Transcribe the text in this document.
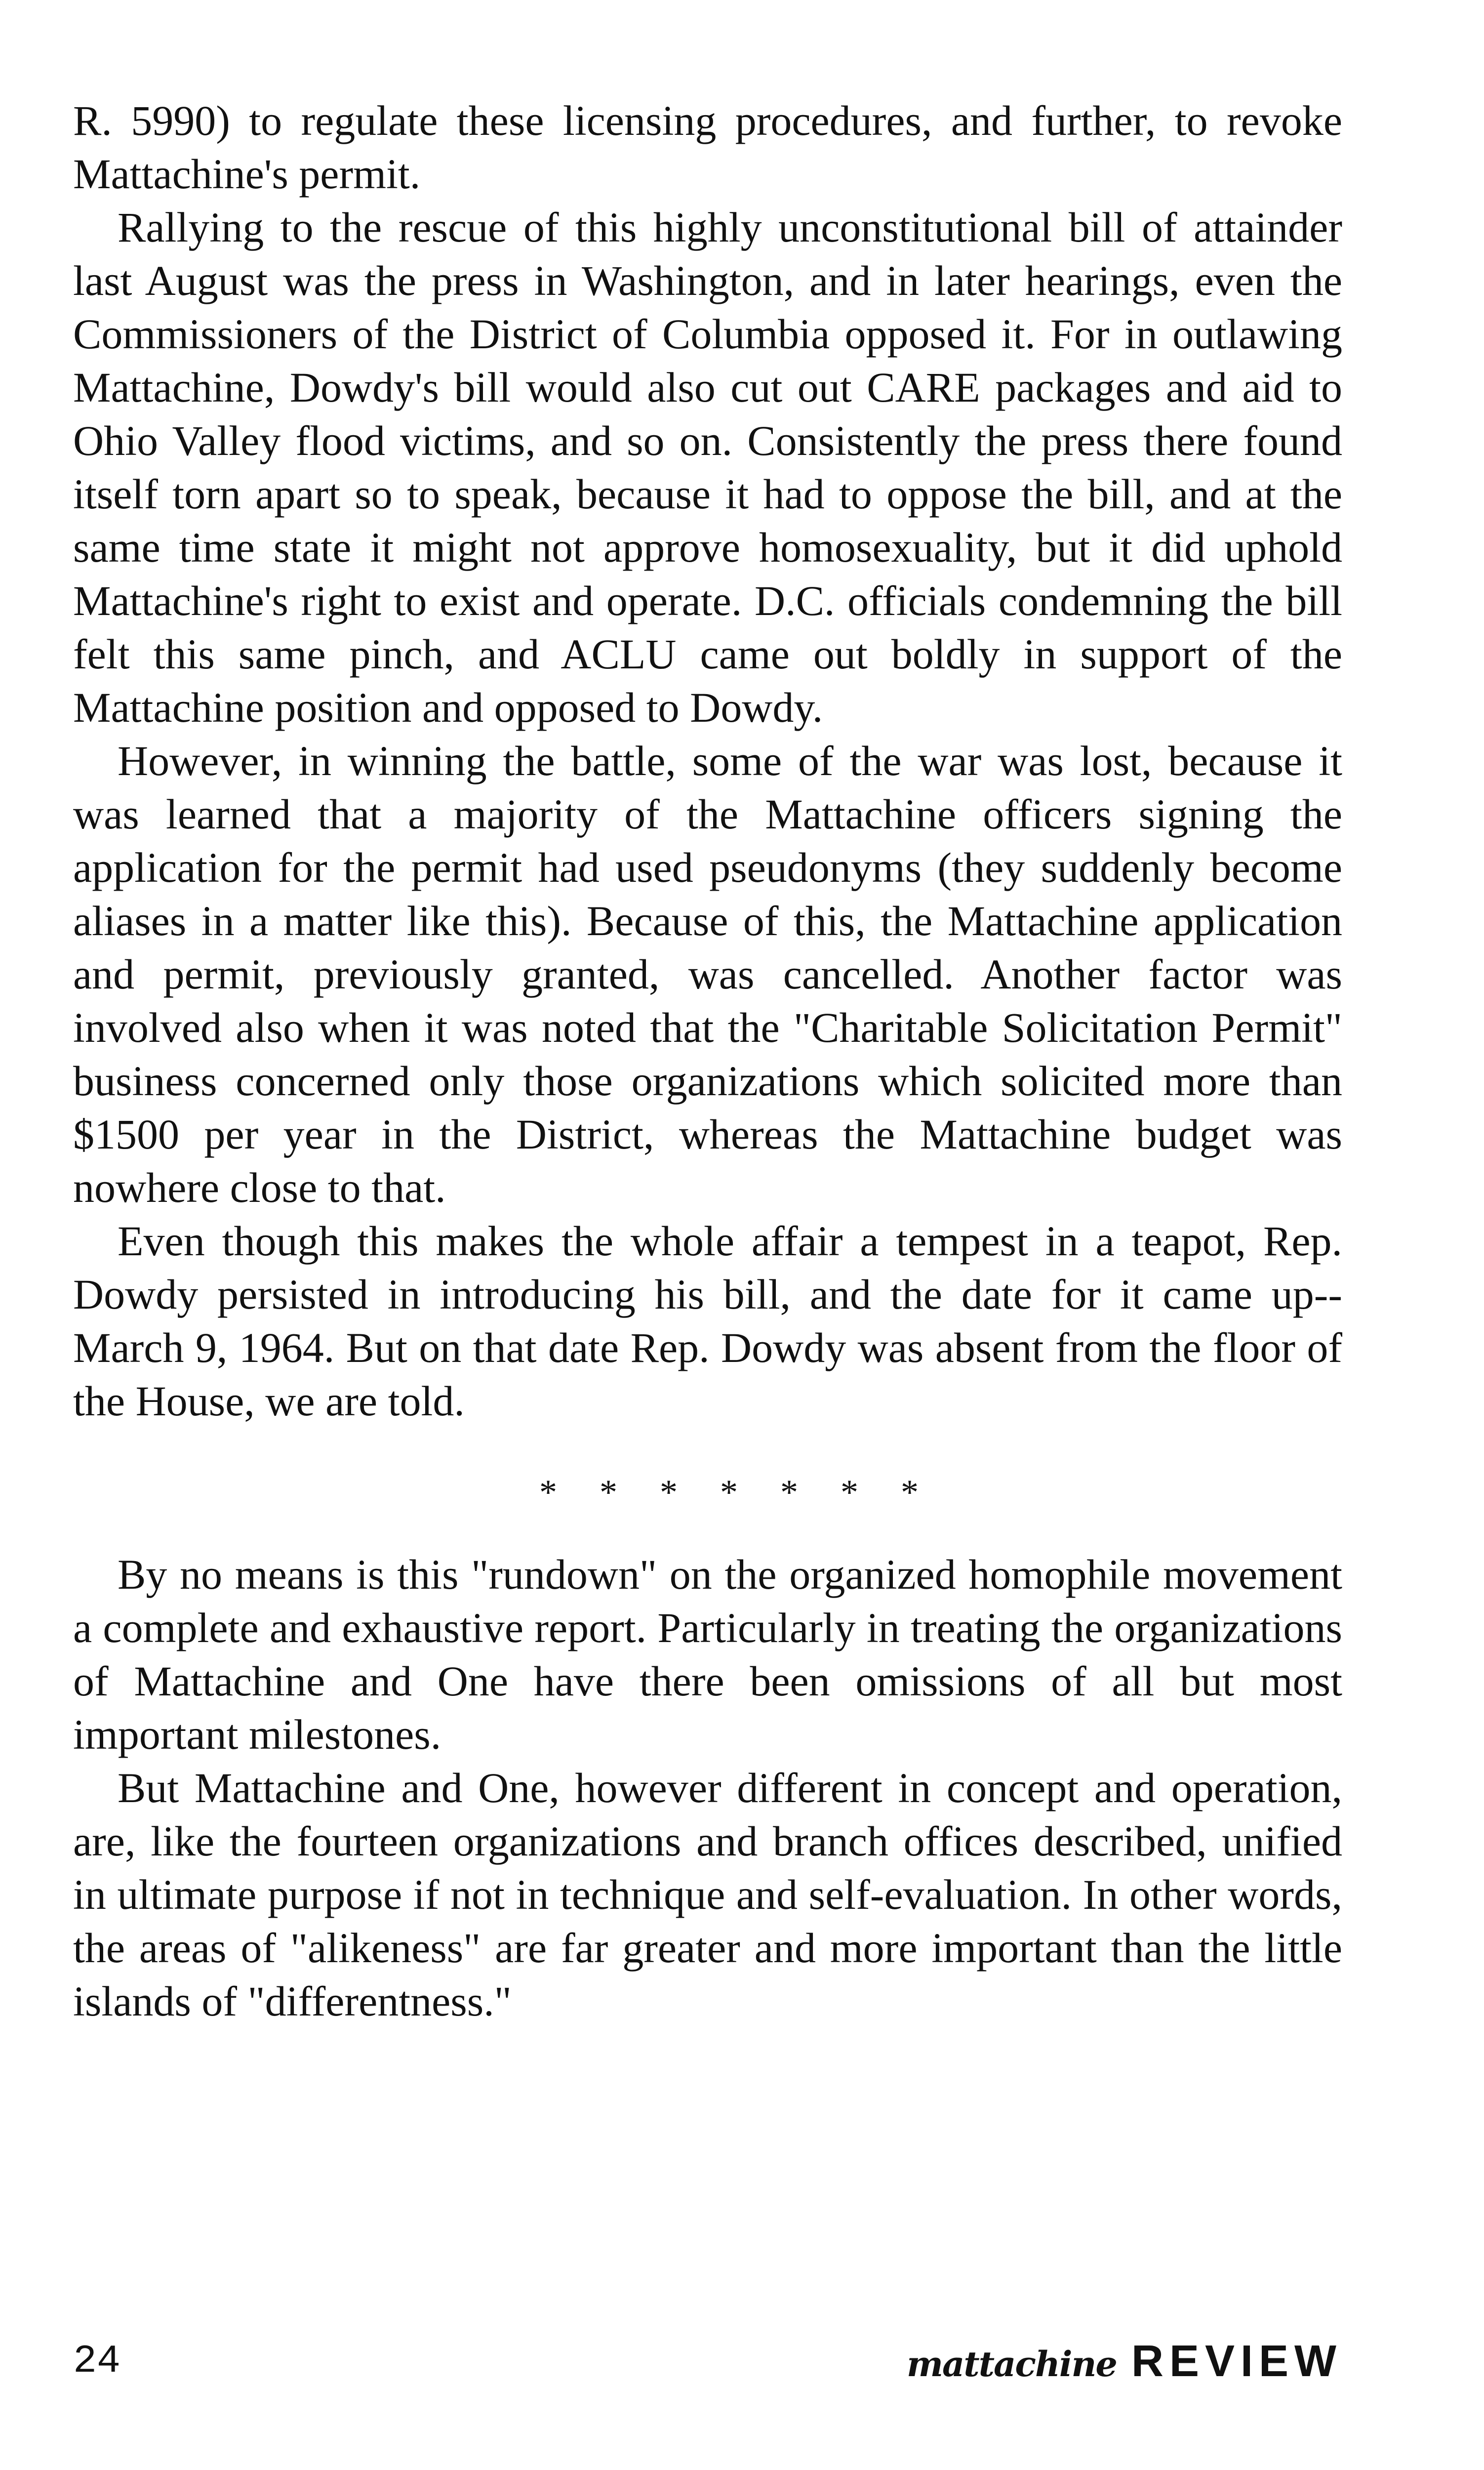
R. 5990) to regulate these licensing procedures, and further, to revoke Mattachine's permit.

Rallying to the rescue of this highly unconstitutional bill of attainder last August was the press in Washington, and in later hearings, even the Commissioners of the District of Columbia opposed it. For in outlawing Mattachine, Dowdy's bill would also cut out CARE packages and aid to Ohio Valley flood victims, and so on. Consistently the press there found itself torn apart so to speak, because it had to oppose the bill, and at the same time state it might not approve homosexuality, but it did uphold Mattachine's right to exist and operate. D.C. officials condemning the bill felt this same pinch, and ACLU came out boldly in support of the Mattachine position and opposed to Dowdy.

However, in winning the battle, some of the war was lost, because it was learned that a majority of the Mattachine officers signing the application for the permit had used pseudonyms (they suddenly become aliases in a matter like this). Because of this, the Mattachine application and permit, previously granted, was cancelled. Another factor was involved also when it was noted that the "Charitable Solicitation Permit" business concerned only those organizations which solicited more than $1500 per year in the District, whereas the Mattachine budget was nowhere close to that.

Even though this makes the whole affair a tempest in a teapot, Rep. Dowdy persisted in introducing his bill, and the date for it came up--March 9, 1964. But on that date Rep. Dowdy was absent from the floor of the House, we are told.

* * * * * * *

By no means is this "rundown" on the organized homophile movement a complete and exhaustive report. Particularly in treating the organizations of Mattachine and One have there been omissions of all but most important milestones.

But Mattachine and One, however different in concept and operation, are, like the fourteen organizations and branch offices described, unified in ultimate purpose if not in technique and self-evaluation. In other words, the areas of "alikeness" are far greater and more important than the little islands of "differentness."

24	mattachine REVIEW
